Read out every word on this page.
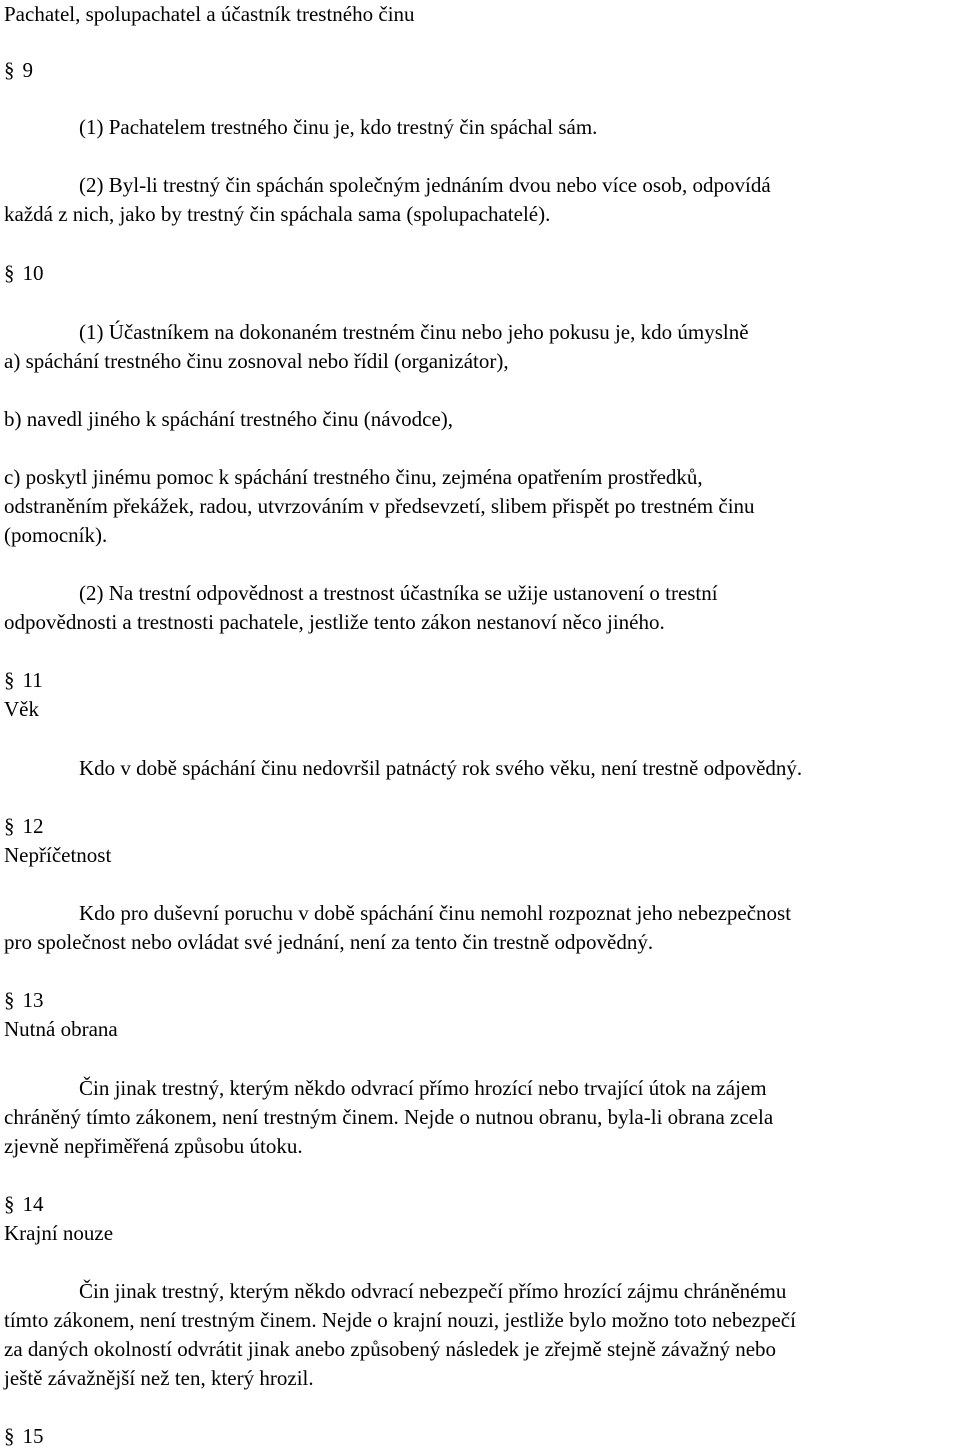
Pachatel, spolupachatel a účastník trestného činu
§ 9
(1) Pachatelem trestného činu je, kdo trestný čin spáchal sám.
(2) Byl-li trestný čin spáchán společným jednáním dvou nebo více osob, odpovídá
každá z nich, jako by trestný čin spáchala sama (spolupachatelé).
§ 10
(1) Účastníkem na dokonaném trestném činu nebo jeho pokusu je, kdo úmyslně
a) spáchání trestného činu zosnoval nebo řídil (organizátor),
b) navedl jiného k spáchání trestného činu (návodce),
c) poskytl jinému pomoc k spáchání trestného činu, zejména opatřením prostředků,
odstraněním překážek, radou, utvrzováním v předsevzetí, slibem přispět po trestném činu
(pomocník).
(2) Na trestní odpovědnost a trestnost účastníka se užije ustanovení o trestní
odpovědnosti a trestnosti pachatele, jestliže tento zákon nestanoví něco jiného.
§ 11
Věk
Kdo v době spáchání činu nedovršil patnáctý rok svého věku, není trestně odpovědný.
§ 12
Nepříčetnost
Kdo pro duševní poruchu v době spáchání činu nemohl rozpoznat jeho nebezpečnost
pro společnost nebo ovládat své jednání, není za tento čin trestně odpovědný.
§ 13
Nutná obrana
Čin jinak trestný, kterým někdo odvrací přímo hrozící nebo trvající útok na zájem
chráněný tímto zákonem, není trestným činem. Nejde o nutnou obranu, byla-li obrana zcela
zjevně nepřiměřená způsobu útoku.
§ 14
Krajní nouze
Čin jinak trestný, kterým někdo odvrací nebezpečí přímo hrozící zájmu chráněnému
tímto zákonem, není trestným činem. Nejde o krajní nouzi, jestliže bylo možno toto nebezpečí
za daných okolností odvrátit jinak anebo způsobený následek je zřejmě stejně závažný nebo
ještě závažnější než ten, který hrozil.
§ 15
